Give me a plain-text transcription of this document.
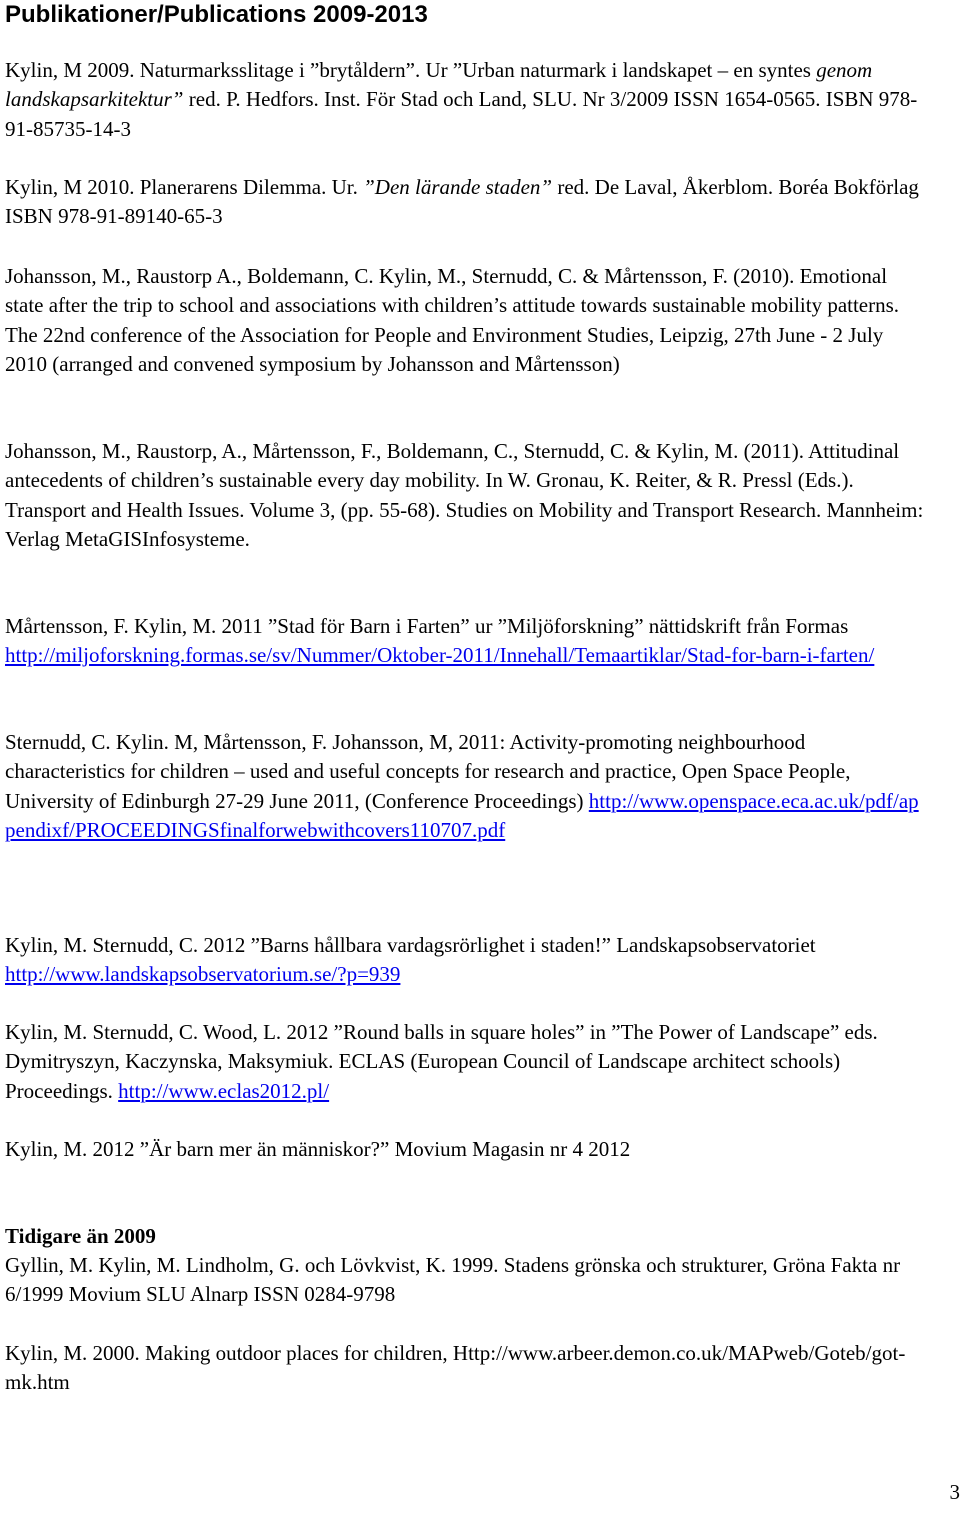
Publikationer/Publications 2009-2013

Kylin, M 2009. Naturmarksslitage i ”brytåldern”. Ur ”Urban naturmark i landskapet – en syntes genom landskapsarkitektur” red. P. Hedfors. Inst. För Stad och Land, SLU. Nr 3/2009 ISSN 1654-0565. ISBN 978-91-85735-14-3

Kylin, M 2010. Planerarens Dilemma. Ur. ”Den lärande staden” red. De Laval, Åkerblom. Boréa Bokförlag ISBN 978-91-89140-65-3

Johansson, M., Raustorp A., Boldemann, C. Kylin, M., Sternudd, C. & Mårtensson, F. (2010). Emotional state after the trip to school and associations with children’s attitude towards sustainable mobility patterns. The 22nd conference of the Association for People and Environment Studies, Leipzig, 27th June - 2 July 2010 (arranged and convened symposium by Johansson and Mårtensson)

Johansson, M., Raustorp, A., Mårtensson, F., Boldemann, C., Sternudd, C. & Kylin, M. (2011). Attitudinal antecedents of children’s sustainable every day mobility. In W. Gronau, K. Reiter, & R. Pressl (Eds.). Transport and Health Issues. Volume 3, (pp. 55-68). Studies on Mobility and Transport Research. Mannheim: Verlag MetaGISInfosysteme.

Mårtensson, F. Kylin, M. 2011 ”Stad för Barn i Farten” ur ”Miljöforskning” nättidskrift från Formas http://miljoforskning.formas.se/sv/Nummer/Oktober-2011/Innehall/Temaartiklar/Stad-for-barn-i-farten/

Sternudd, C. Kylin. M, Mårtensson, F. Johansson, M, 2011: Activity-promoting neighbourhood characteristics for children – used and useful concepts for research and practice, Open Space People, University of Edinburgh 27-29 June 2011, (Conference Proceedings) http://www.openspace.eca.ac.uk/pdf/appendixf/PROCEEDINGSfinalforwebwithcovers110707.pdf

Kylin, M. Sternudd, C. 2012 ”Barns hållbara vardagsrörlighet i staden!” Landskapsobservatoriet http://www.landskapsobservatorium.se/?p=939

Kylin, M. Sternudd, C. Wood, L. 2012 ”Round balls in square holes” in ”The Power of Landscape” eds. Dymitryszyn, Kaczynska, Maksymiuk. ECLAS (European Council of Landscape architect schools) Proceedings. http://www.eclas2012.pl/

Kylin, M. 2012 ”Är barn mer än människor?” Movium Magasin nr 4 2012

Tidigare än 2009

Gyllin, M. Kylin, M. Lindholm, G. och Lövkvist, K. 1999. Stadens grönska och strukturer, Gröna Fakta nr 6/1999 Movium SLU Alnarp ISSN 0284-9798

Kylin, M. 2000. Making outdoor places for children, Http://www.arbeer.demon.co.uk/MAPweb/Goteb/got-mk.htm

3
